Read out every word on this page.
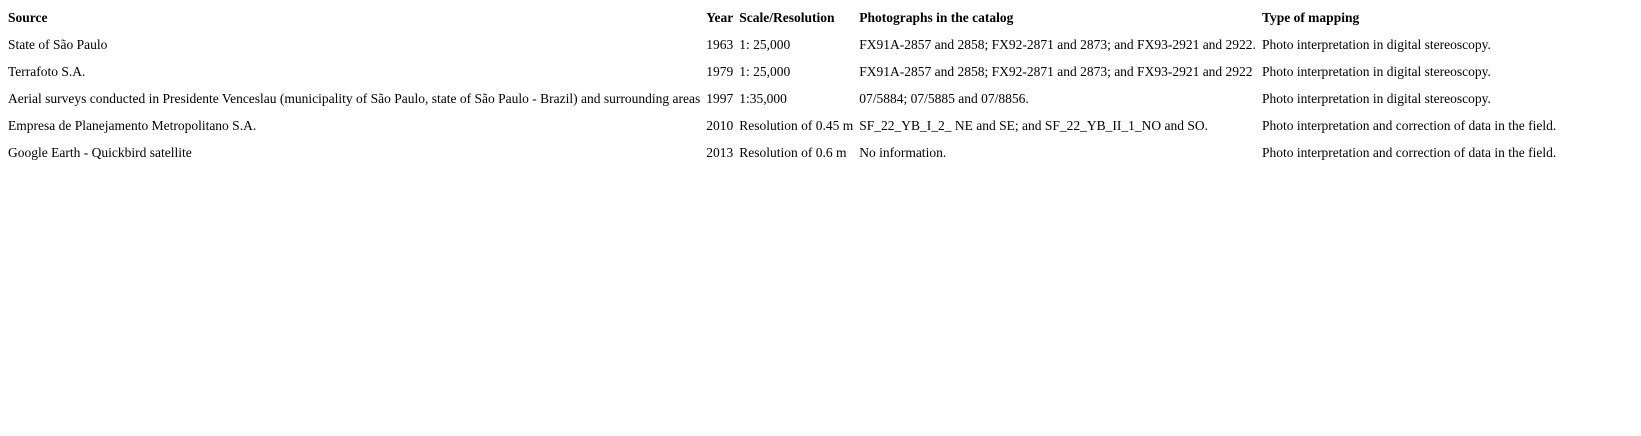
Source	Year	Scale/Resolution	Photographs in the catalog	Type of mapping
State of São Paulo	1963	1: 25,000	FX91A-2857 and 2858; FX92-2871 and 2873; and FX93-2921 and 2922.	Photo interpretation in digital stereoscopy.
Terrafoto S.A.	1979	1: 25,000	FX91A-2857 and 2858; FX92-2871 and 2873; and FX93-2921 and 2922	Photo interpretation in digital stereoscopy.
Aerial surveys conducted in Presidente Venceslau (municipality of São Paulo, state of São Paulo - Brazil) and surrounding areas	1997	1:35,000	07/5884; 07/5885 and 07/8856.	Photo interpretation in digital stereoscopy.
Empresa de Planejamento Metropolitano S.A.	2010	Resolution of 0.45 m	SF_22_YB_I_2_ NE and SE; and SF_22_YB_II_1_NO and SO.	Photo interpretation and correction of data in the field.
Google Earth - Quickbird satellite	2013	Resolution of 0.6 m	No information.	Photo interpretation and correction of data in the field.
